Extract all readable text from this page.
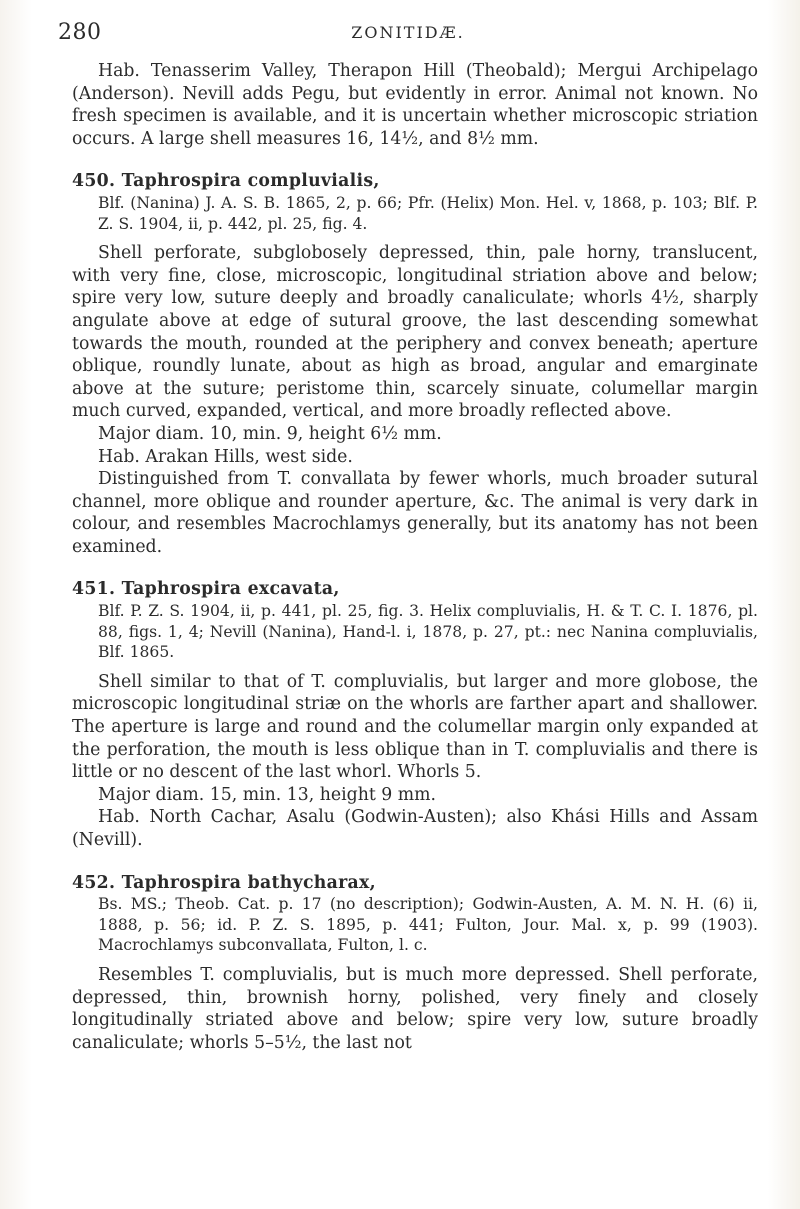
280	ZONITIDÆ.

Hab. Tenasserim Valley, Therapon Hill (Theobald); Mergui Archipelago (Anderson). Nevill adds Pegu, but evidently in error. Animal not known. No fresh specimen is available, and it is uncertain whether microscopic striation occurs. A large shell measures 16, 14½, and 8½ mm.

450. Taphrospira compluvialis,

Blf. (Nanina) J. A. S. B. 1865, 2, p. 66; Pfr. (Helix) Mon. Hel. v, 1868, p. 103; Blf. P. Z. S. 1904, ii, p. 442, pl. 25, fig. 4.

Shell perforate, subglobosely depressed, thin, pale horny, translucent, with very fine, close, microscopic, longitudinal striation above and below; spire very low, suture deeply and broadly canaliculate; whorls 4½, sharply angulate above at edge of sutural groove, the last descending somewhat towards the mouth, rounded at the periphery and convex beneath; aperture oblique, roundly lunate, about as high as broad, angular and emarginate above at the suture; peristome thin, scarcely sinuate, columellar margin much curved, expanded, vertical, and more broadly reflected above.

Major diam. 10, min. 9, height 6½ mm.

Hab. Arakan Hills, west side.

Distinguished from T. convallata by fewer whorls, much broader sutural channel, more oblique and rounder aperture, &c. The animal is very dark in colour, and resembles Macrochlamys generally, but its anatomy has not been examined.

451. Taphrospira excavata,

Blf. P. Z. S. 1904, ii, p. 441, pl. 25, fig. 3. Helix compluvialis, H. & T. C. I. 1876, pl. 88, figs. 1, 4; Nevill (Nanina), Hand-l. i, 1878, p. 27, pt.: nec Nanina compluvialis, Blf. 1865.

Shell similar to that of T. compluvialis, but larger and more globose, the microscopic longitudinal striæ on the whorls are farther apart and shallower. The aperture is large and round and the columellar margin only expanded at the perforation, the mouth is less oblique than in T. compluvialis and there is little or no descent of the last whorl. Whorls 5.

Major diam. 15, min. 13, height 9 mm.

Hab. North Cachar, Asalu (Godwin-Austen); also Khási Hills and Assam (Nevill).

452. Taphrospira bathycharax,

Bs. MS.; Theob. Cat. p. 17 (no description); Godwin-Austen, A. M. N. H. (6) ii, 1888, p. 56; id. P. Z. S. 1895, p. 441; Fulton, Jour. Mal. x, p. 99 (1903). Macrochlamys subconvallata, Fulton, l. c.

Resembles T. compluvialis, but is much more depressed. Shell perforate, depressed, thin, brownish horny, polished, very finely and closely longitudinally striated above and below; spire very low, suture broadly canaliculate; whorls 5–5½, the last not
